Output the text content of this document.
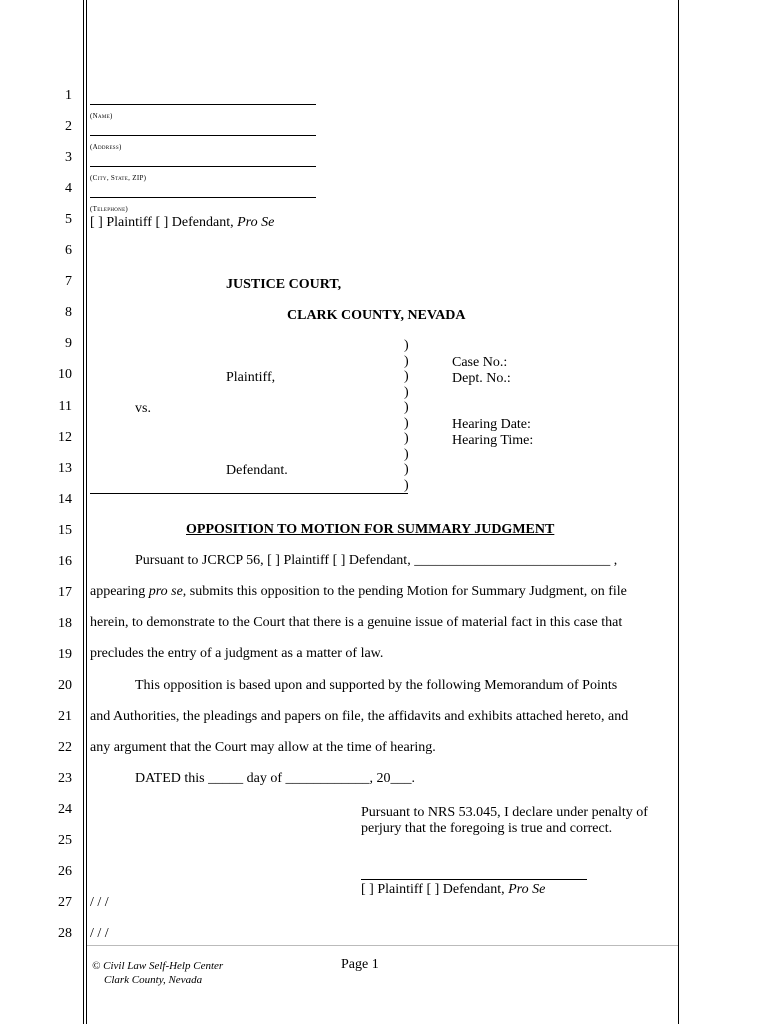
1
2
3
4
5
6
7
8
9
10
11
12
13
14
15
16
17
18
19
20
21
22
23
24
25
26
27
28
(Name)
(Address)
(City, State, ZIP)
(Telephone)
[ ] Plaintiff [ ] Defendant, Pro Se
JUSTICE COURT,
CLARK COUNTY, NEVADA
Plaintiff,
vs.
Defendant.
)
)
)
)
)
)
)
)
)
)
Case No.:
Dept. No.:
Hearing Date:
Hearing Time:
OPPOSITION TO MOTION FOR SUMMARY JUDGMENT
Pursuant to JCRCP 56, [ ] Plaintiff [ ] Defendant, ____________________________ ,
appearing pro se, submits this opposition to the pending Motion for Summary Judgment, on file
herein, to demonstrate to the Court that there is a genuine issue of material fact in this case that
precludes the entry of a judgment as a matter of law.
This opposition is based upon and supported by the following Memorandum of Points
and Authorities, the pleadings and papers on file, the affidavits and exhibits attached hereto, and
any argument that the Court may allow at the time of hearing.
DATED this _____ day of ____________, 20___.
Pursuant to NRS 53.045, I declare under penalty of
perjury that the foregoing is true and correct.
[ ] Plaintiff [ ] Defendant, Pro Se
/ / /
/ / /
© Civil Law Self-Help Center
Clark County, Nevada
Page 1
